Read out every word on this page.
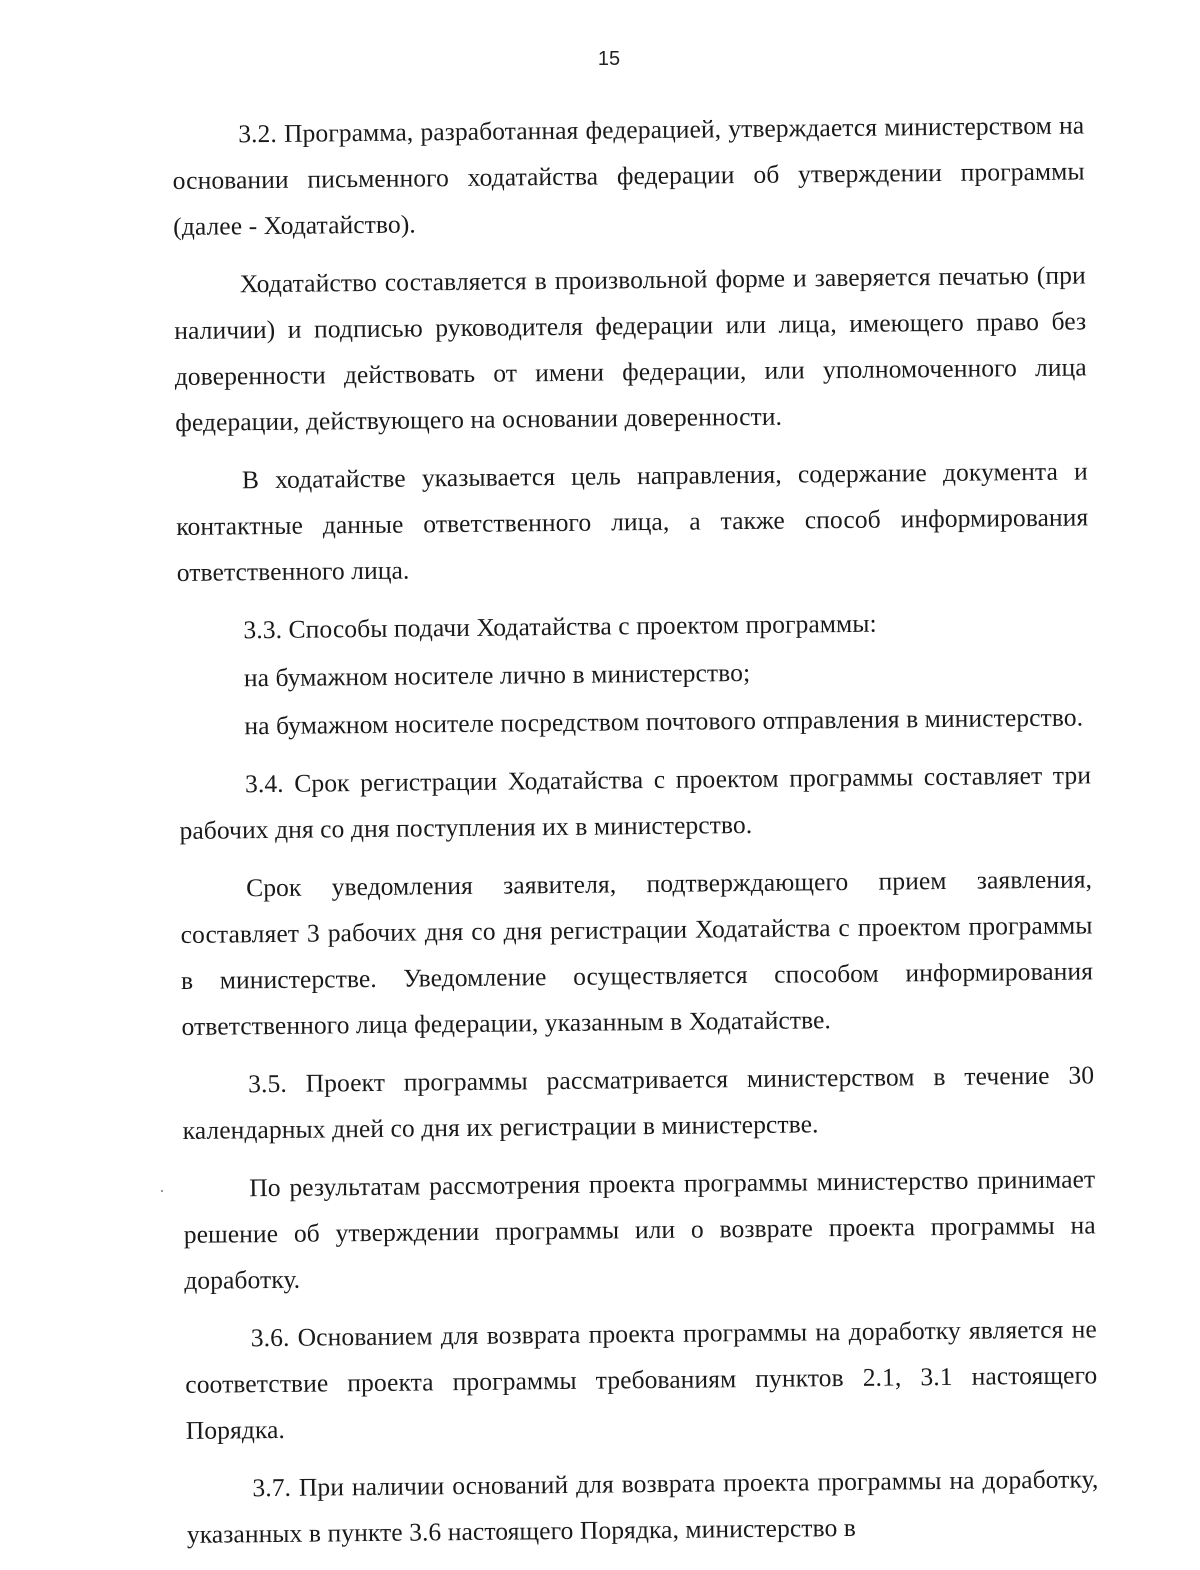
15

3.2. Программа, разработанная федерацией, утверждается министерством на основании письменного ходатайства федерации об утверждении программы (далее - Ходатайство).

Ходатайство составляется в произвольной форме и заверяется печатью (при наличии) и подписью руководителя федерации или лица, имеющего право без доверенности действовать от имени федерации, или уполномоченного лица федерации, действующего на основании доверенности.

В ходатайстве указывается цель направления, содержание документа и контактные данные ответственного лица, а также способ информирования ответственного лица.

3.3. Способы подачи Ходатайства с проектом программы:

на бумажном носителе лично в министерство;

на бумажном носителе посредством почтового отправления в министерство.

3.4. Срок регистрации Ходатайства с проектом программы составляет три рабочих дня со дня поступления их в министерство.

Срок уведомления заявителя, подтверждающего прием заявления, составляет 3 рабочих дня со дня регистрации Ходатайства с проектом программы в министерстве. Уведомление осуществляется способом информирования ответственного лица федерации, указанным в Ходатайстве.

3.5. Проект программы рассматривается министерством в течение 30 календарных дней со дня их регистрации в министерстве.

По результатам рассмотрения проекта программы министерство принимает решение об утверждении программы или о возврате проекта программы на доработку.

3.6. Основанием для возврата проекта программы на доработку является не соответствие проекта программы требованиям пунктов 2.1, 3.1 настоящего Порядка.

3.7. При наличии оснований для возврата проекта программы на доработку, указанных в пункте 3.6 настоящего Порядка, министерство в
